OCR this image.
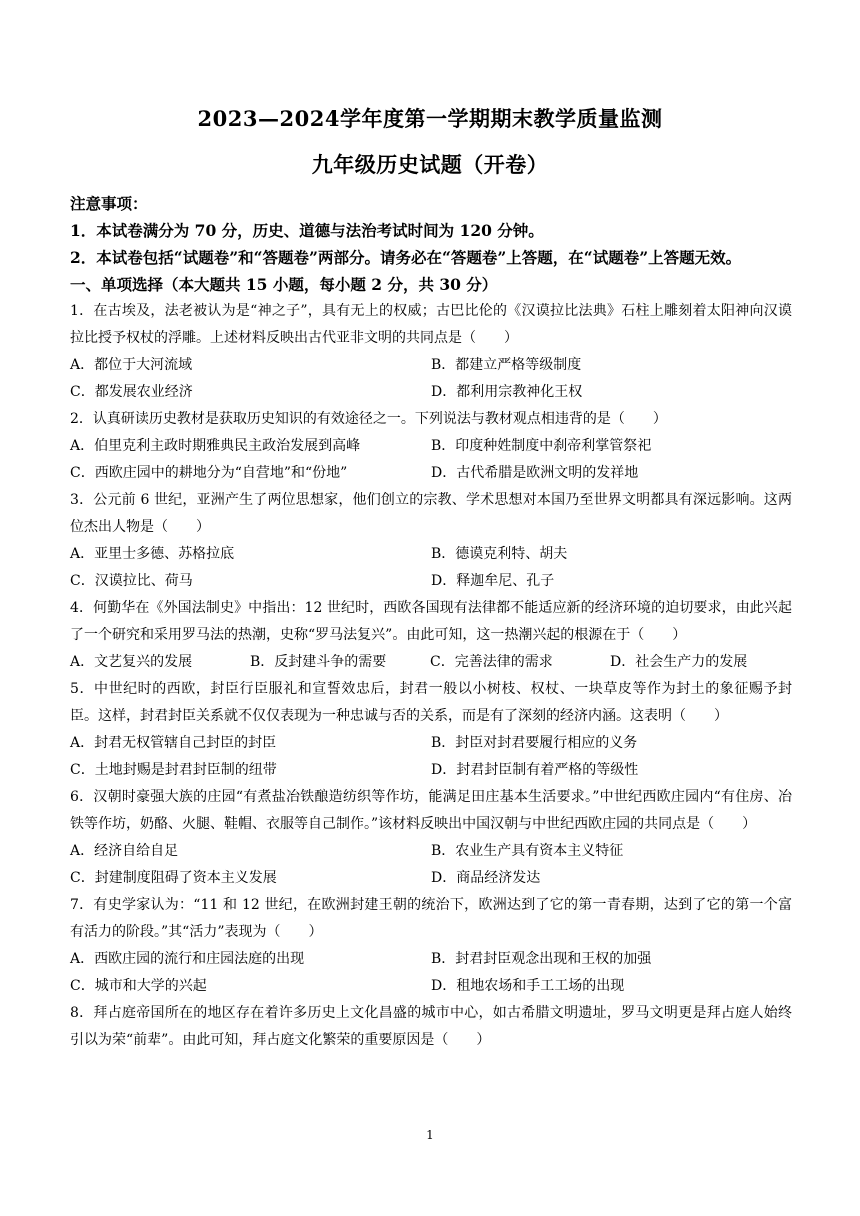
2023—2024学年度第一学期期末教学质量监测
九年级历史试题（开卷）
注意事项：
1．本试卷满分为 70 分，历史、道德与法治考试时间为 120 分钟。
2．本试卷包括“试题卷”和“答题卷”两部分。请务必在“答题卷”上答题，在“试题卷”上答题无效。
一、单项选择（本大题共 15 小题，每小题 2 分，共 30 分）
1．在古埃及，法老被认为是“神之子”，具有无上的权威；古巴比伦的《汉谟拉比法典》石柱上雕刻着太阳神向汉谟拉比授予权杖的浮雕。上述材料反映出古代亚非文明的共同点是（　　）
A．都位于大河流域	B．都建立严格等级制度
C．都发展农业经济	D．都利用宗教神化王权
2．认真研读历史教材是获取历史知识的有效途径之一。下列说法与教材观点相违背的是（　　）
A．伯里克利主政时期雅典民主政治发展到高峰	B．印度种姓制度中刹帝利掌管祭祀
C．西欧庄园中的耕地分为“自营地”和“份地”	D．古代希腊是欧洲文明的发祥地
3．公元前 6 世纪，亚洲产生了两位思想家，他们创立的宗教、学术思想对本国乃至世界文明都具有深远影响。这两位杰出人物是（　　）
A．亚里士多德、苏格拉底	B．德谟克利特、胡夫
C．汉谟拉比、荷马	D．释迦牟尼、孔子
4．何勤华在《外国法制史》中指出：12 世纪时，西欧各国现有法律都不能适应新的经济环境的迫切要求，由此兴起了一个研究和采用罗马法的热潮，史称“罗马法复兴”。由此可知，这一热潮兴起的根源在于（　　）
A．文艺复兴的发展	B．反封建斗争的需要	C．完善法律的需求	D．社会生产力的发展
5．中世纪时的西欧，封臣行臣服礼和宣誓效忠后，封君一般以小树枝、权杖、一块草皮等作为封土的象征赐予封臣。这样，封君封臣关系就不仅仅表现为一种忠诚与否的关系，而是有了深刻的经济内涵。这表明（　　）
A．封君无权管辖自己封臣的封臣	B．封臣对封君要履行相应的义务
C．土地封赐是封君封臣制的纽带	D．封君封臣制有着严格的等级性
6．汉朝时豪强大族的庄园“有煮盐冶铁酿造纺织等作坊，能满足田庄基本生活要求。”中世纪西欧庄园内“有住房、冶铁等作坊，奶酪、火腿、鞋帽、衣服等自己制作。”该材料反映出中国汉朝与中世纪西欧庄园的共同点是（　　）
A．经济自给自足	B．农业生产具有资本主义特征
C．封建制度阻碍了资本主义发展	D．商品经济发达
7．有史学家认为：“11 和 12 世纪，在欧洲封建王朝的统治下，欧洲达到了它的第一青春期，达到了它的第一个富有活力的阶段。”其“活力”表现为（　　）
A．西欧庄园的流行和庄园法庭的出现	B．封君封臣观念出现和王权的加强
C．城市和大学的兴起	D．租地农场和手工工场的出现
8．拜占庭帝国所在的地区存在着许多历史上文化昌盛的城市中心，如古希腊文明遗址，罗马文明更是拜占庭人始终引以为荣“前辈”。由此可知，拜占庭文化繁荣的重要原因是（　　）
1
